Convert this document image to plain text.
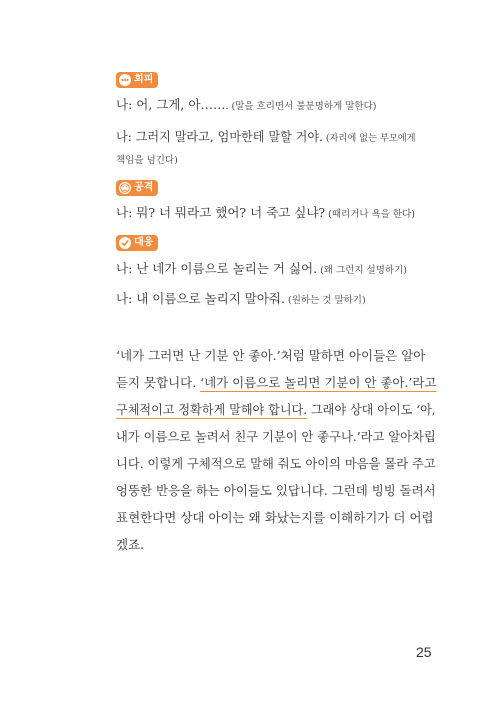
회피
나: 어, 그게, 아……. (말을 흐리면서 불분명하게 말한다)
나: 그러지 말라고, 엄마한테 말할 거야. (자리에 없는 부모에게
책임을 넘긴다)
공격
나: 뭐? 너 뭐라고 했어? 너 죽고 싶냐? (때리거나 욕을 한다)
대응
나: 난 네가 이름으로 놀리는 거 싫어. (왜 그런지 설명하기)
나: 내 이름으로 놀리지 말아줘. (원하는 것 말하기)
‘네가 그러면 난 기분 안 좋아.’처럼 말하면 아이들은 알아
듣지 못합니다. ‘네가 이름으로 놀리면 기분이 안 좋아.’라고
구체적이고 정확하게 말해야 합니다. 그래야 상대 아이도 ‘아,
내가 이름으로 놀려서 친구 기분이 안 좋구나.’라고 알아차립
니다. 이렇게 구체적으로 말해 줘도 아이의 마음을 몰라 주고
엉뚱한 반응을 하는 아이들도 있답니다. 그런데 빙빙 돌려서
표현한다면 상대 아이는 왜 화났는지를 이해하기가 더 어렵
겠죠.
25
